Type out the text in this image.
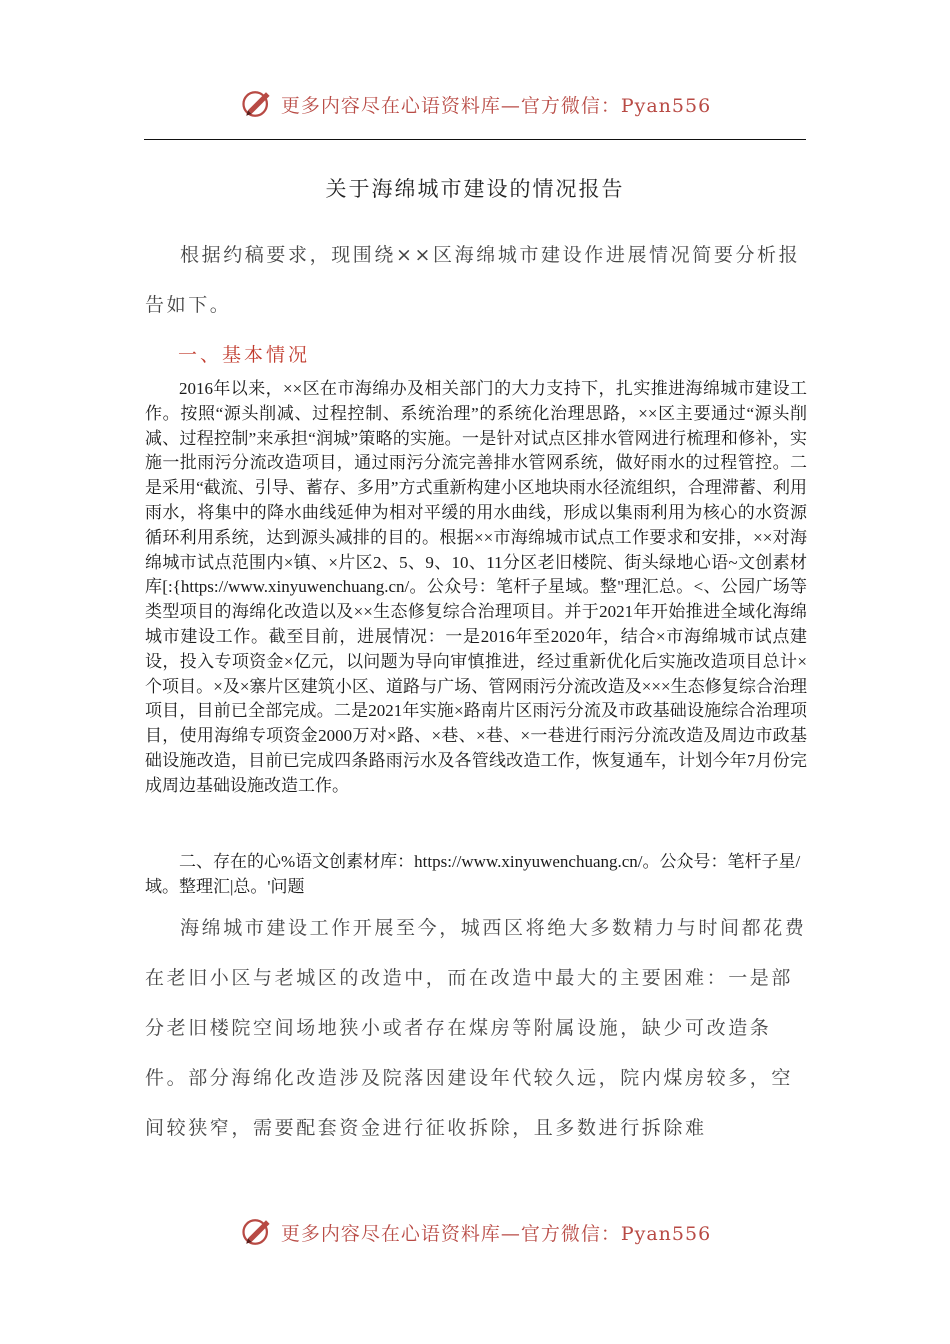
更多内容尽在心语资料库—官方微信：Pyan556
关于海绵城市建设的情况报告

根据约稿要求，现围绕××区海绵城市建设作进展情况简要分析报告如下。

一、基本情况

2016年以来，××区在市海绵办及相关部门的大力支持下，扎实推进海绵城市建设工作。按照“源头削减、过程控制、系统治理”的系统化治理思路，××区主要通过“源头削减、过程控制”来承担“润城”策略的实施。一是针对试点区排水管网进行梳理和修补，实施一批雨污分流改造项目，通过雨污分流完善排水管网系统，做好雨水的过程管控。二是采用“截流、引导、蓄存、多用”方式重新构建小区地块雨水径流组织，合理滞蓄、利用雨水，将集中的降水曲线延伸为相对平缓的用水曲线，形成以集雨利用为核心的水资源循环利用系统，达到源头减排的目的。根据××市海绵城市试点工作要求和安排，××对海绵城市试点范围内×镇、×片区2、5、9、10、11分区老旧楼院、街头绿地心语~文创素材库[:{https://www.xinyuwenchuang.cn/。公众号：笔杆子星域。整"理汇总。<、公园广场等类型项目的海绵化改造以及××生态修复综合治理项目。并于2021年开始推进全域化海绵城市建设工作。截至目前，进展情况：一是2016年至2020年，结合×市海绵城市试点建设，投入专项资金×亿元，以问题为导向审慎推进，经过重新优化后实施改造项目总计×个项目。×及×寨片区建筑小区、道路与广场、管网雨污分流改造及×××生态修复综合治理项目，目前已全部完成。二是2021年实施×路南片区雨污分流及市政基础设施综合治理项目，使用海绵专项资金2000万对×路、×巷、×巷、×一巷进行雨污分流改造及周边市政基础设施改造，目前已完成四条路雨污水及各管线改造工作，恢复通车，计划今年7月份完成周边基础设施改造工作。

二、存在的心%语文创素材库：https://www.xinyuwenchuang.cn/。公众号：笔杆子星/域。整理汇|总。'问题

海绵城市建设工作开展至今，城西区将绝大多数精力与时间都花费在老旧小区与老城区的改造中，而在改造中最大的主要困难：一是部分老旧楼院空间场地狭小或者存在煤房等附属设施，缺少可改造条件。部分海绵化改造涉及院落因建设年代较久远，院内煤房较多，空间较狭窄，需要配套资金进行征收拆除，且多数进行拆除难

更多内容尽在心语资料库—官方微信：Pyan556
